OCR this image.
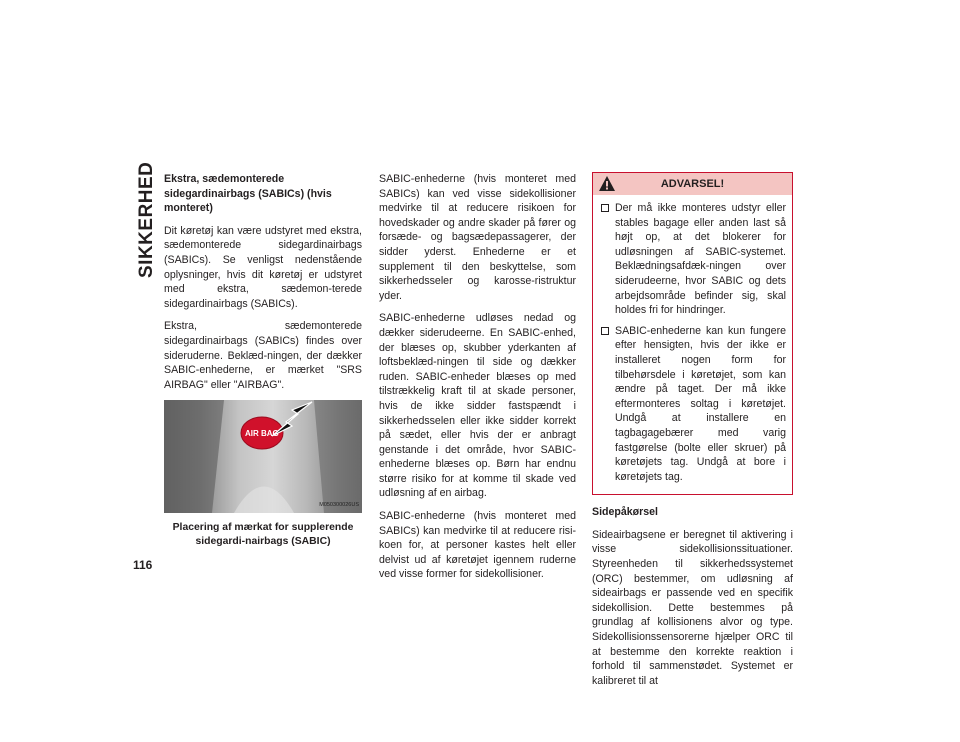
SIKKERHED Ekstra, sædemonterede sidegardinairbags (SABICs) (hvis monteret)

Dit køretøj kan være udstyret med ekstra, sædemonterede sidegardinairbags (SABICs). Se venligst nedenstående oplysninger, hvis dit køretøj er udstyret med ekstra, sædemon-terede sidegardinairbags (SABICs).

Ekstra, sædemonterede sidegardinairbags (SABICs) findes over sideruderne. Beklæd-ningen, der dækker SABIC-enhederne, er mærket "SRS AIRBAG" eller "AIRBAG".

AIR BAG
M050300026US
Placering af mærkat for supplerende sidegardi-nairbags (SABIC)

SABIC-enhederne (hvis monteret med SABICs) kan ved visse sidekollisioner medvirke til at reducere risikoen for hovedskader og andre skader på fører og forsæde- og bagsædepassagerer, der sidder yderst. Enhederne er et supplement til den beskyttelse, som sikkerhedsseler og karosse-ristruktur yder.

SABIC-enhederne udløses nedad og dækker siderudeerne. En SABIC-enhed, der blæses op, skubber yderkanten af loftsbeklæd-ningen til side og dækker ruden. SABIC-enheder blæses op med tilstrækkelig kraft til at skade personer, hvis de ikke sidder fastspændt i sikkerhedsselen eller ikke sidder korrekt på sædet, eller hvis der er anbragt genstande i det område, hvor SABIC-enhederne blæses op. Børn har endnu større risiko for at komme til skade ved udløsning af en airbag.

SABIC-enhederne (hvis monteret med SABICs) kan medvirke til at reducere risi-koen for, at personer kastes helt eller delvist ud af køretøjet igennem ruderne ved visse former for sidekollisioner.

ADVARSEL!
Der må ikke monteres udstyr eller stables bagage eller anden last så højt op, at det blokerer for udløsningen af SABIC-systemet. Beklædningsafdæk-ningen over siderudeerne, hvor SABIC og dets arbejdsområde befinder sig, skal holdes fri for hindringer.
SABIC-enhederne kan kun fungere efter hensigten, hvis der ikke er installeret nogen form for tilbehørsdele i køretøjet, som kan ændre på taget. Der må ikke eftermonteres soltag i køretøjet. Undgå at installere en tagbagagebærer med varig fastgørelse (bolte eller skruer) på køretøjets tag. Undgå at bore i køretøjets tag.

Sidepåkørsel

Sideairbagsene er beregnet til aktivering i visse sidekollisionssituationer. Styreenheden til sikkerhedssystemet (ORC) bestemmer, om udløsning af sideairbags er passende ved en specifik sidekollision. Dette bestemmes på grundlag af kollisionens alvor og type. Sidekollisionssensorerne hjælper ORC til at bestemme den korrekte reaktion i forhold til sammenstødet. Systemet er kalibreret til at

116
